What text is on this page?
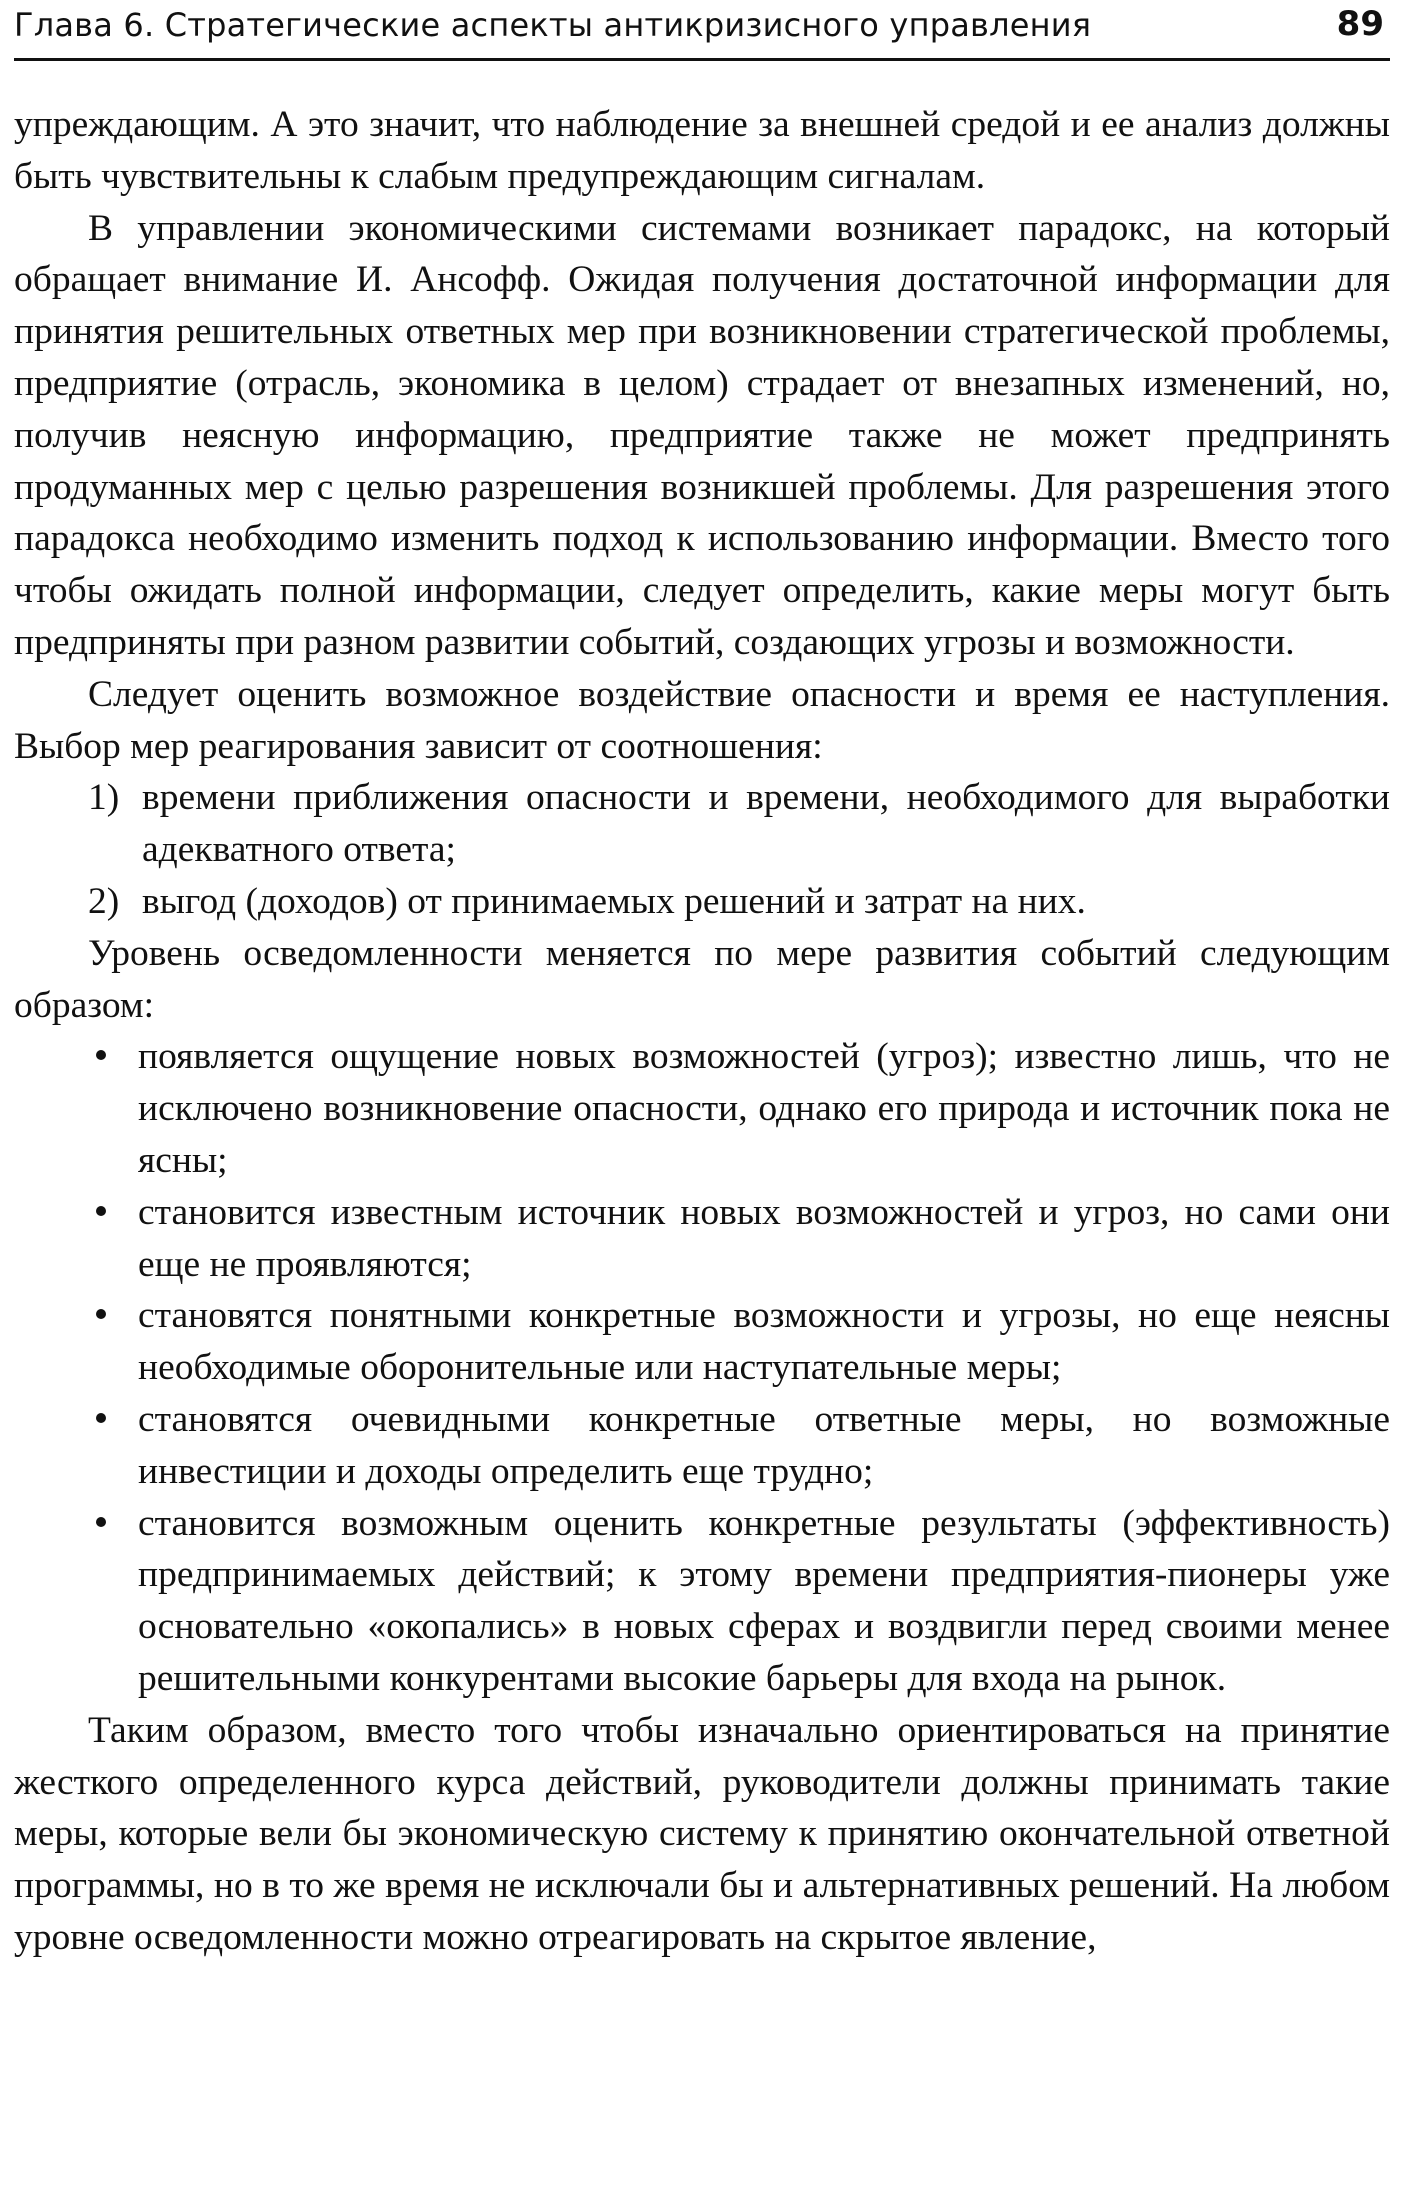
Глава 6. Стратегические аспекты антикризисного управления	89

упреждающим. А это значит, что наблюдение за внешней средой и ее анализ должны быть чувствительны к слабым предупреждающим сигналам.

В управлении экономическими системами возникает парадокс, на который обращает внимание И. Ансофф. Ожидая получения достаточной информации для принятия решительных ответных мер при возникновении стратегической проблемы, предприятие (отрасль, экономика в целом) страдает от внезапных изменений, но, получив неясную информацию, предприятие также не может предпринять продуманных мер с целью разрешения возникшей проблемы. Для разрешения этого парадокса необходимо изменить подход к использованию информации. Вместо того чтобы ожидать полной информации, следует определить, какие меры могут быть предприняты при разном развитии событий, создающих угрозы и возможности.

Следует оценить возможное воздействие опасности и время ее наступления. Выбор мер реагирования зависит от соотношения:

1) времени приближения опасности и времени, необходимого для выработки адекватного ответа;
2) выгод (доходов) от принимаемых решений и затрат на них.

Уровень осведомленности меняется по мере развития событий следующим образом:

появляется ощущение новых возможностей (угроз); известно лишь, что не исключено возникновение опасности, однако его природа и источник пока не ясны;
становится известным источник новых возможностей и угроз, но сами они еще не проявляются;
становятся понятными конкретные возможности и угрозы, но еще неясны необходимые оборонительные или наступательные меры;
становятся очевидными конкретные ответные меры, но возможные инвестиции и доходы определить еще трудно;
становится возможным оценить конкретные результаты (эффективность) предпринимаемых действий; к этому времени предприятия-пионеры уже основательно «окопались» в новых сферах и воздвигли перед своими менее решительными конкурентами высокие барьеры для входа на рынок.

Таким образом, вместо того чтобы изначально ориентироваться на принятие жесткого определенного курса действий, руководители должны принимать такие меры, которые вели бы экономическую систему к принятию окончательной ответной программы, но в то же время не исключали бы и альтернативных решений. На любом уровне осведомленности можно отреагировать на скрытое явление,
